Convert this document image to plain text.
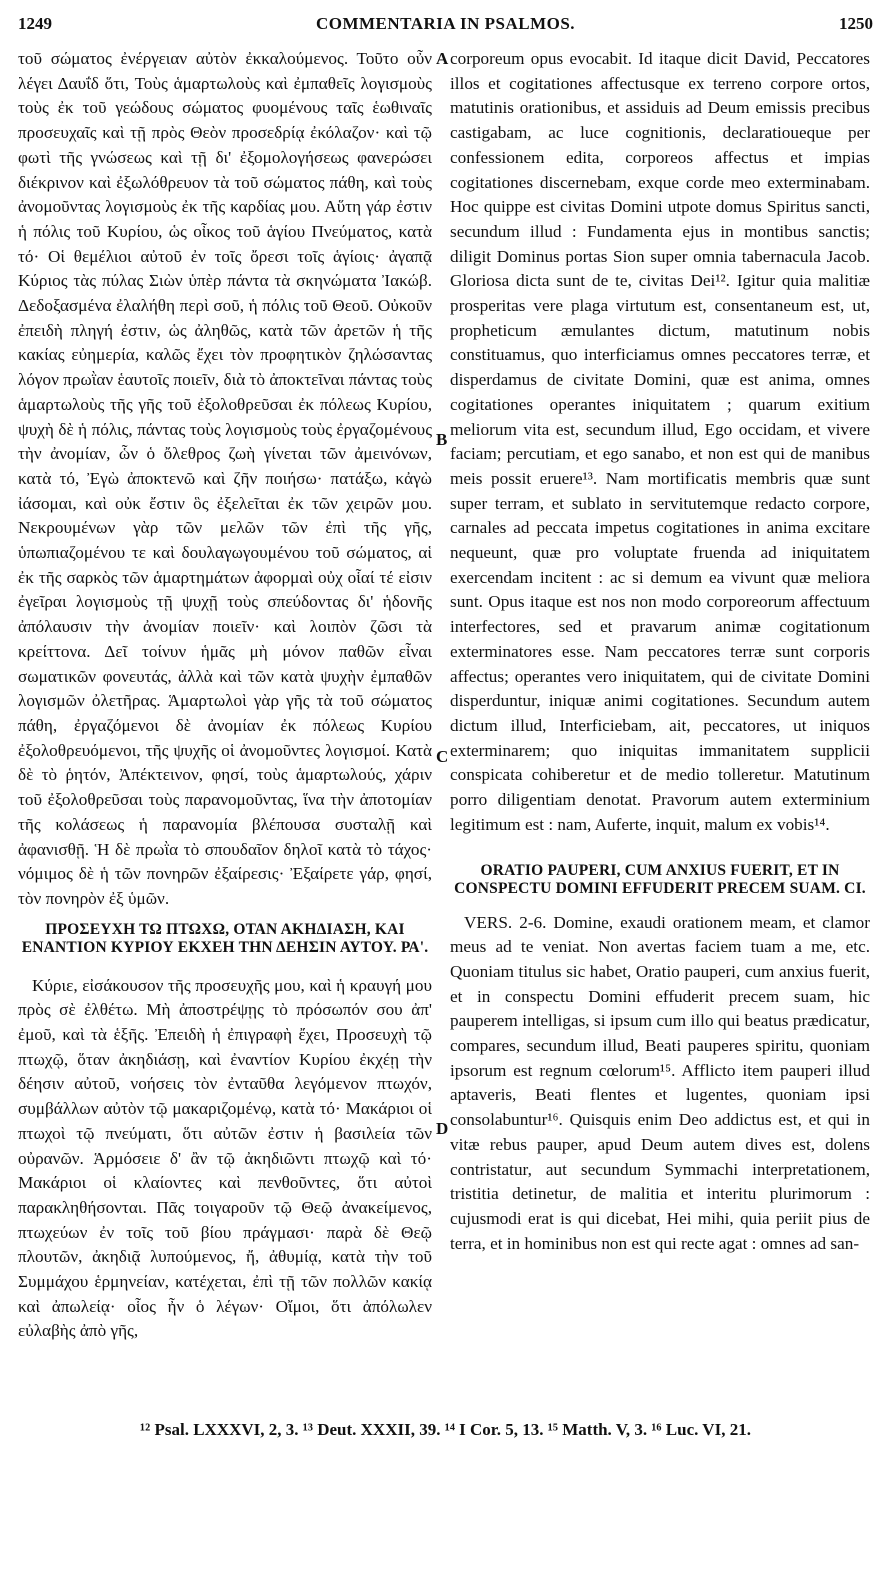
1249	COMMENTARIA IN PSALMOS.	1250

τοῦ σώματος ἐνέργειαν αὐτὸν ἐκκαλούμενος. Τοῦτο οὖν λέγει Δαυΐδ ὅτι, Τοὺς ἁμαρτωλοὺς καὶ ἐμπαθεῖς λογισμοὺς τοὺς ἐκ τοῦ γεώδους σώματος φυομένους ταῖς ἑωθιναῖς προσευχαῖς καὶ τῇ πρὸς Θεὸν προσεδρίᾳ ἐκόλαζον· καὶ τῷ φωτὶ τῆς γνώσεως καὶ τῇ δι' ἐξομολογήσεως φανερώσει διέκρινον καὶ ἐξωλόθρευον τὰ τοῦ σώματος πάθη, καὶ τοὺς ἀνομοῦντας λογισμοὺς ἐκ τῆς καρδίας μου. Αὕτη γάρ ἐστιν ἡ πόλις τοῦ Κυρίου, ὡς οἶκος τοῦ ἁγίου Πνεύματος, κατὰ τό· Οἱ θεμέλιοι αὐτοῦ ἐν τοῖς ὄρεσι τοῖς ἁγίοις· ἀγαπᾷ Κύριος τὰς πύλας Σιὼν ὑπὲρ πάντα τὰ σκηνώματα Ἰακώβ. Δεδοξασμένα ἐλαλήθη περὶ σοῦ, ἡ πόλις τοῦ Θεοῦ. Οὐκοῦν ἐπειδὴ πληγή ἐστιν, ὡς ἀληθῶς, κατὰ τῶν ἀρετῶν ἡ τῆς κακίας εὐημερία, καλῶς ἔχει τὸν προφητικὸν ζηλώσαντας λόγον πρωῒαν ἑαυτοῖς ποιεῖν, διὰ τὸ ἀποκτεῖναι πάντας τοὺς ἁμαρτωλοὺς τῆς γῆς τοῦ ἐξολοθρεῦσαι ἐκ πόλεως Κυρίου, ψυχὴ δὲ ἡ πόλις, πάντας τοὺς λογισμοὺς τοὺς ἐργαζομένους τὴν ἀνομίαν, ὧν ὁ ὄλεθρος ζωὴ γίνεται τῶν ἀμεινόνων, κατὰ τό, Ἐγὼ ἀποκτενῶ καὶ ζῆν ποιήσω· πατάξω, κἀγὼ ἰάσομαι, καὶ οὐκ ἔστιν ὃς ἐξελεῖται ἐκ τῶν χειρῶν μου. Νεκρουμένων γὰρ τῶν μελῶν τῶν ἐπὶ τῆς γῆς, ὑπωπιαζομένου τε καὶ δουλαγωγουμένου τοῦ σώματος, αἱ ἐκ τῆς σαρκὸς τῶν ἁμαρτημάτων ἀφορμαὶ οὐχ οἷαί τέ εἰσιν ἐγεῖραι λογισμοὺς τῇ ψυχῇ τοὺς σπεύδοντας δι' ἡδονῆς ἀπόλαυσιν τὴν ἀνομίαν ποιεῖν· καὶ λοιπὸν ζῶσι τὰ κρείττονα. Δεῖ τοίνυν ἡμᾶς μὴ μόνον παθῶν εἶναι σωματικῶν φονευτάς, ἀλλὰ καὶ τῶν κατὰ ψυχὴν ἐμπαθῶν λογισμῶν ὀλετῆρας. Ἁμαρτωλοὶ γὰρ γῆς τὰ τοῦ σώματος πάθη, ἐργαζόμενοι δὲ ἀνομίαν ἐκ πόλεως Κυρίου ἐξολοθρευόμενοι, τῆς ψυχῆς οἱ ἀνομοῦντες λογισμοί. Κατὰ δὲ τὸ ῥητόν, Ἀπέκτεινον, φησί, τοὺς ἁμαρτωλούς, χάριν τοῦ ἐξολοθρεῦσαι τοὺς παρανομοῦντας, ἵνα τὴν ἀποτομίαν τῆς κολάσεως ἡ παρανομία βλέπουσα συσταλῇ καὶ ἀφανισθῇ. Ἡ δὲ πρωῒα τὸ σπουδαῖον δηλοῖ κατὰ τὸ τάχος· νόμιμος δὲ ἡ τῶν πονηρῶν ἐξαίρεσις· Ἐξαίρετε γάρ, φησί, τὸν πονηρὸν ἐξ ὑμῶν.

ΠΡΟΣΕΥΧΗ ΤΩ ΠΤΩΧΩ, ΟΤΑΝ ΑΚΗΔΙΑΣΗ, ΚΑΙ ΕΝΑΝΤΙΟΝ ΚΥΡΙΟΥ ΕΚΧΕΗ ΤΗΝ ΔΕΗΣΙΝ ΑΥΤΟΥ. ΡΑ'.

Κύριε, εἰσάκουσον τῆς προσευχῆς μου, καὶ ἡ κραυγή μου πρὸς σὲ ἐλθέτω. Μὴ ἀποστρέψῃς τὸ πρόσωπόν σου ἀπ' ἐμοῦ, καὶ τὰ ἑξῆς. Ἐπειδὴ ἡ ἐπιγραφὴ ἔχει, Προσευχὴ τῷ πτωχῷ, ὅταν ἀκηδιάσῃ, καὶ ἐναντίον Κυρίου ἐκχέῃ τὴν δέησιν αὐτοῦ, νοήσεις τὸν ἐνταῦθα λεγόμενον πτωχόν, συμβάλλων αὐτὸν τῷ μακαριζομένῳ, κατὰ τό· Μακάριοι οἱ πτωχοὶ τῷ πνεύματι, ὅτι αὐτῶν ἐστιν ἡ βασιλεία τῶν οὐρανῶν. Ἁρμόσειε δ' ἂν τῷ ἀκηδιῶντι πτωχῷ καὶ τό· Μακάριοι οἱ κλαίοντες καὶ πενθοῦντες, ὅτι αὐτοὶ παρακληθήσονται. Πᾶς τοιγαροῦν τῷ Θεῷ ἀνακείμενος, πτωχεύων ἐν τοῖς τοῦ βίου πράγμασι· παρὰ δὲ Θεῷ πλουτῶν, ἀκηδιᾷ λυπούμενος, ἤ, ἀθυμίᾳ, κατὰ τὴν τοῦ Συμμάχου ἑρμηνείαν, κατέχεται, ἐπὶ τῇ τῶν πολλῶν κακίᾳ καὶ ἀπωλείᾳ· οἷος ἦν ὁ λέγων· Οἴμοι, ὅτι ἀπόλωλεν εὐλαβὴς ἀπὸ γῆς,

A
B
C
D

corporeum opus evocabit. Id itaque dicit David, Peccatores illos et cogitationes affectusque ex terreno corpore ortos, matutinis orationibus, et assiduis ad Deum emissis precibus castigabam, ac luce cognitionis, declaratioueque per confessionem edita, corporeos affectus et impias cogitationes discernebam, exque corde meo exterminabam. Hoc quippe est civitas Domini utpote domus Spiritus sancti, secundum illud : Fundamenta ejus in montibus sanctis; diligit Dominus portas Sion super omnia tabernacula Jacob. Gloriosa dicta sunt de te, civitas Dei¹². Igitur quia malitiæ prosperitas vere plaga virtutum est, consentaneum est, ut, propheticum æmulantes dictum, matutinum nobis constituamus, quo interficiamus omnes peccatores terræ, et disperdamus de civitate Domini, quæ est anima, omnes cogitationes operantes iniquitatem ; quarum exitium meliorum vita est, secundum illud, Ego occidam, et vivere faciam; percutiam, et ego sanabo, et non est qui de manibus meis possit eruere¹³. Nam mortificatis membris quæ sunt super terram, et sublato in servitutemque redacto corpore, carnales ad peccata impetus cogitationes in anima excitare nequeunt, quæ pro voluptate fruenda ad iniquitatem exercendam incitent : ac si demum ea vivunt quæ meliora sunt. Opus itaque est nos non modo corporeorum affectuum interfectores, sed et pravarum animæ cogitationum exterminatores esse. Nam peccatores terræ sunt corporis affectus; operantes vero iniquitatem, qui de civitate Domini disperduntur, iniquæ animi cogitationes. Secundum autem dictum illud, Interficiebam, ait, peccatores, ut iniquos exterminarem; quo iniquitas immanitatem supplicii conspicata cohiberetur et de medio tolleretur. Matutinum porro diligentiam denotat. Pravorum autem exterminium legitimum est : nam, Auferte, inquit, malum ex vobis¹⁴.

ORATIO PAUPERI, CUM ANXIUS FUERIT, ET IN CONSPECTU DOMINI EFFUDERIT PRECEM SUAM. CI.

VERS. 2-6. Domine, exaudi orationem meam, et clamor meus ad te veniat. Non avertas faciem tuam a me, etc. Quoniam titulus sic habet, Oratio pauperi, cum anxius fuerit, et in conspectu Domini effuderit precem suam, hic pauperem intelligas, si ipsum cum illo qui beatus prædicatur, compares, secundum illud, Beati pauperes spiritu, quoniam ipsorum est regnum cœlorum¹⁵. Afflicto item pauperi illud aptaveris, Beati flentes et lugentes, quoniam ipsi consolabuntur¹⁶. Quisquis enim Deo addictus est, et qui in vitæ rebus pauper, apud Deum autem dives est, dolens contristatur, aut secundum Symmachi interpretationem, tristitia detinetur, de malitia et interitu plurimorum : cujusmodi erat is qui dicebat, Hei mihi, quia periit pius de terra, et in hominibus non est qui recte agat : omnes ad san-

¹² Psal. LXXXVI, 2, 3. ¹³ Deut. XXXII, 39. ¹⁴ I Cor. 5, 13. ¹⁵ Matth. V, 3. ¹⁶ Luc. VI, 21.
